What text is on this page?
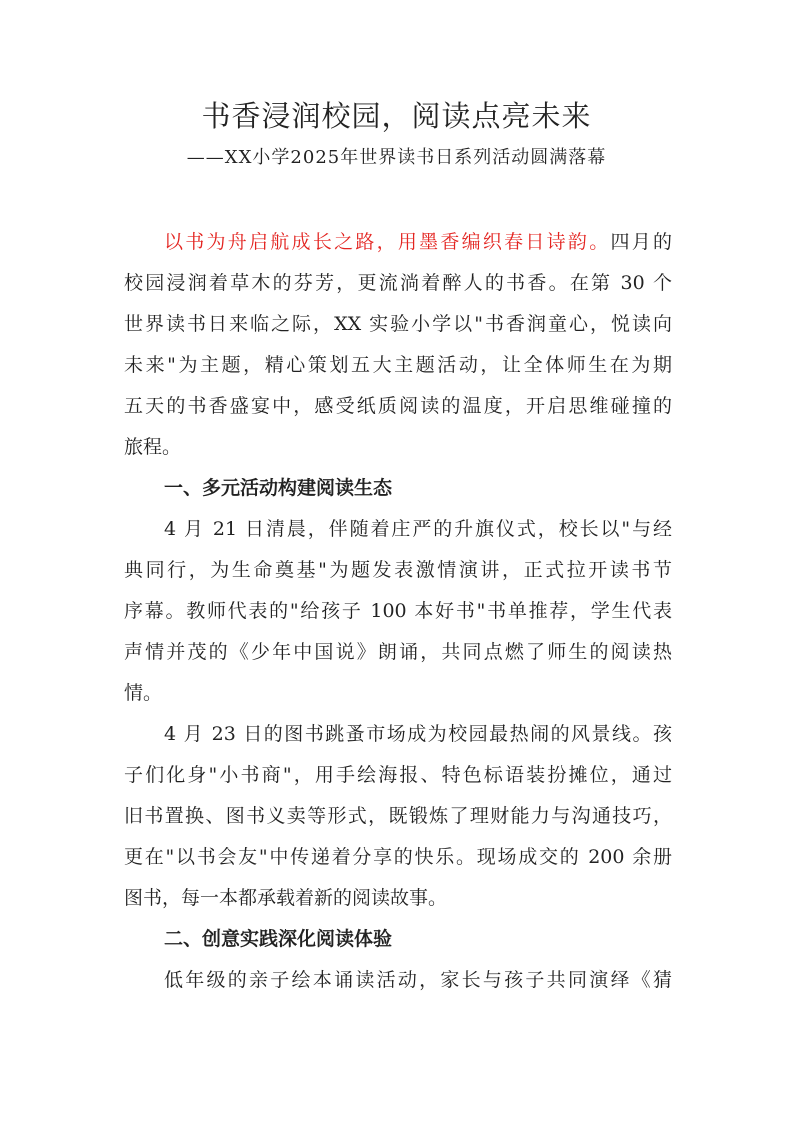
书香浸润校园，阅读点亮未来
——XX小学2025年世界读书日系列活动圆满落幕
以书为舟启航成长之路，用墨香编织春日诗韵。四月的
校园浸润着草木的芬芳，更流淌着醉人的书香。在第 30 个
世界读书日来临之际，XX 实验小学以"书香润童心，悦读向
未来"为主题，精心策划五大主题活动，让全体师生在为期
五天的书香盛宴中，感受纸质阅读的温度，开启思维碰撞的
旅程。
一、多元活动构建阅读生态
4 月 21 日清晨，伴随着庄严的升旗仪式，校长以"与经
典同行，为生命奠基"为题发表激情演讲，正式拉开读书节
序幕。教师代表的"给孩子 100 本好书"书单推荐，学生代表
声情并茂的《少年中国说》朗诵，共同点燃了师生的阅读热
情。
4 月 23 日的图书跳蚤市场成为校园最热闹的风景线。孩
子们化身"小书商"，用手绘海报、特色标语装扮摊位，通过
旧书置换、图书义卖等形式，既锻炼了理财能力与沟通技巧，
更在"以书会友"中传递着分享的快乐。现场成交的 200 余册
图书，每一本都承载着新的阅读故事。
二、创意实践深化阅读体验
低年级的亲子绘本诵读活动，家长与孩子共同演绎《猜
